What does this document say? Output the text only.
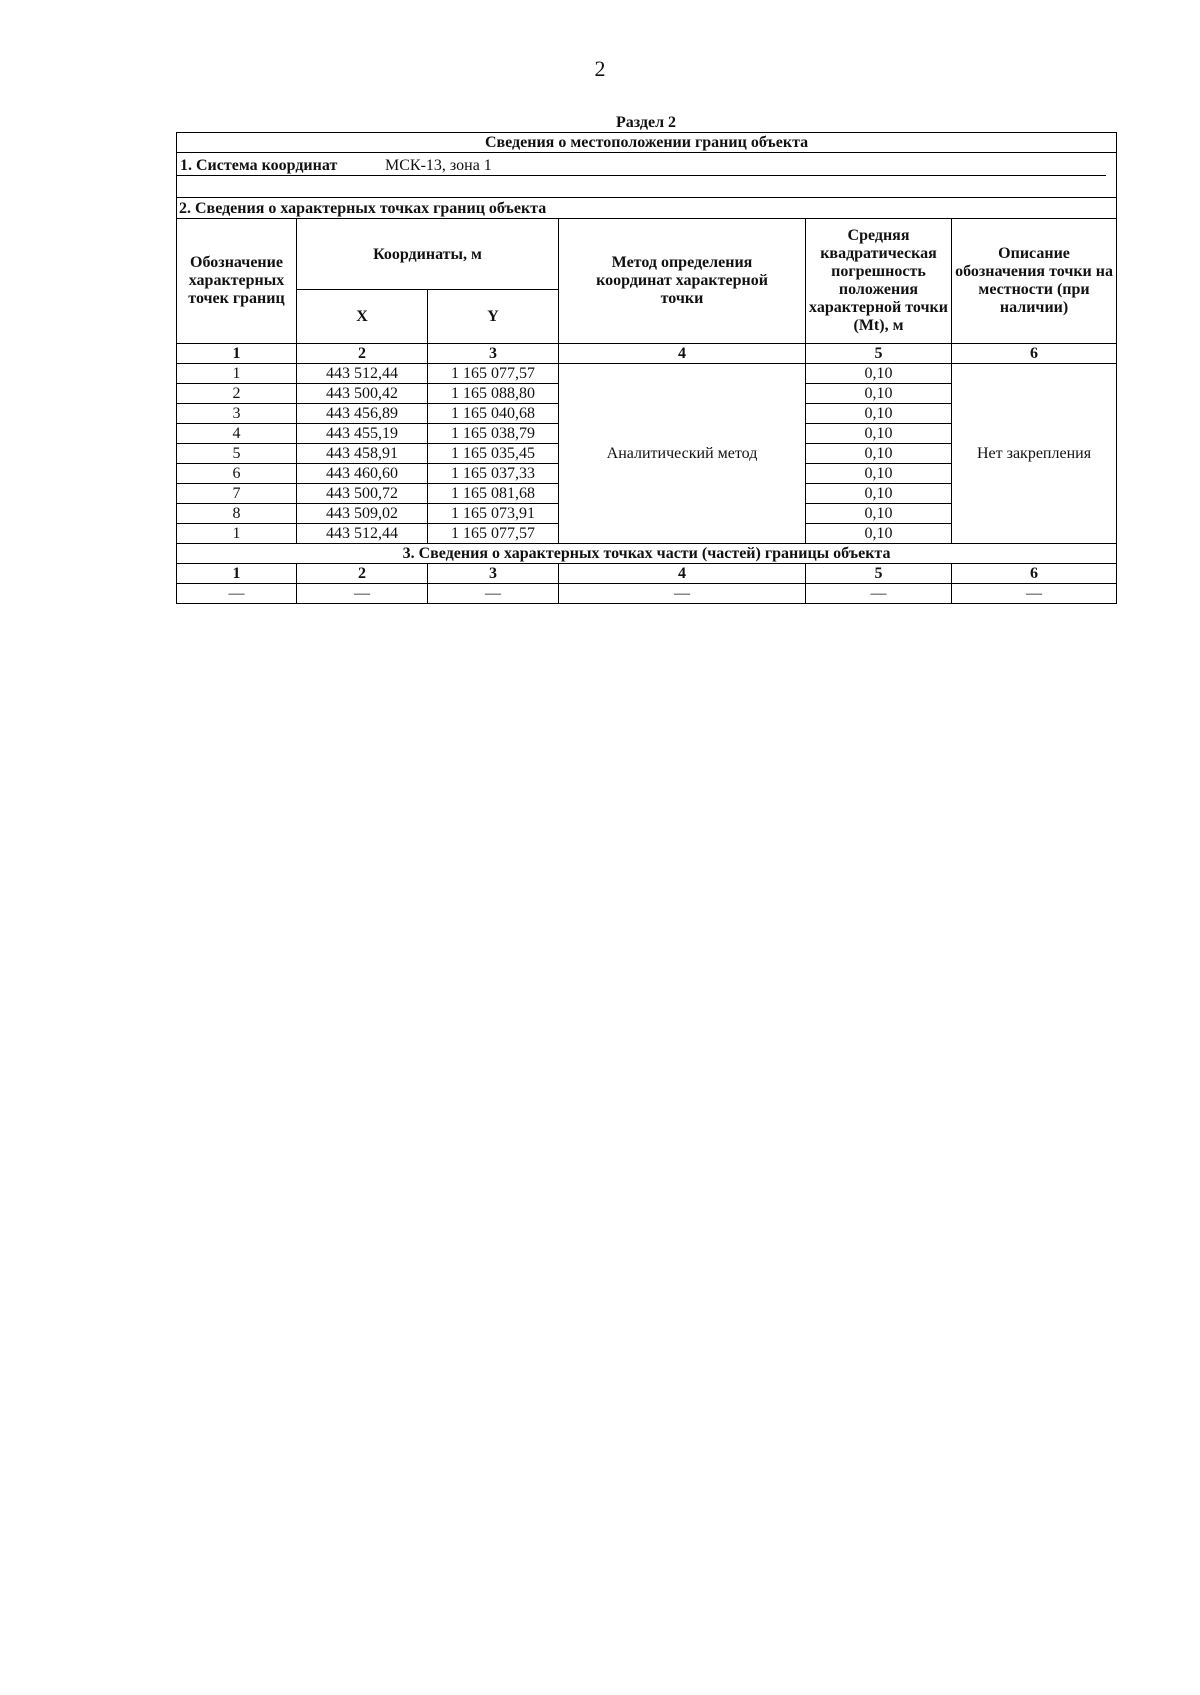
2
Раздел 2
Сведения о местоположении границ объекта					

1. Система координат МСК-13, зона 1					

2. Сведения о характерных точках границ объекта					
Обозначение характерных точек границ	Координаты, м		Метод определения координат характерной точки	Средняя квадратическая погрешность положения характерной точки (Mt), м	Описание обозначения точки на местности (при наличии)
	X	Y			
1	2	3	4	5	6
1	443 512,44	1 165 077,57	Аналитический метод	0,10	Нет закрепления
2	443 500,42	1 165 088,80		0,10	
3	443 456,89	1 165 040,68		0,10	
4	443 455,19	1 165 038,79		0,10	
5	443 458,91	1 165 035,45		0,10	
6	443 460,60	1 165 037,33		0,10	
7	443 500,72	1 165 081,68		0,10	
8	443 509,02	1 165 073,91		0,10	
1	443 512,44	1 165 077,57		0,10	
3. Сведения о характерных точках части (частей) границы объекта					
1	2	3	4	5	6
—	—	—	—	—	—
